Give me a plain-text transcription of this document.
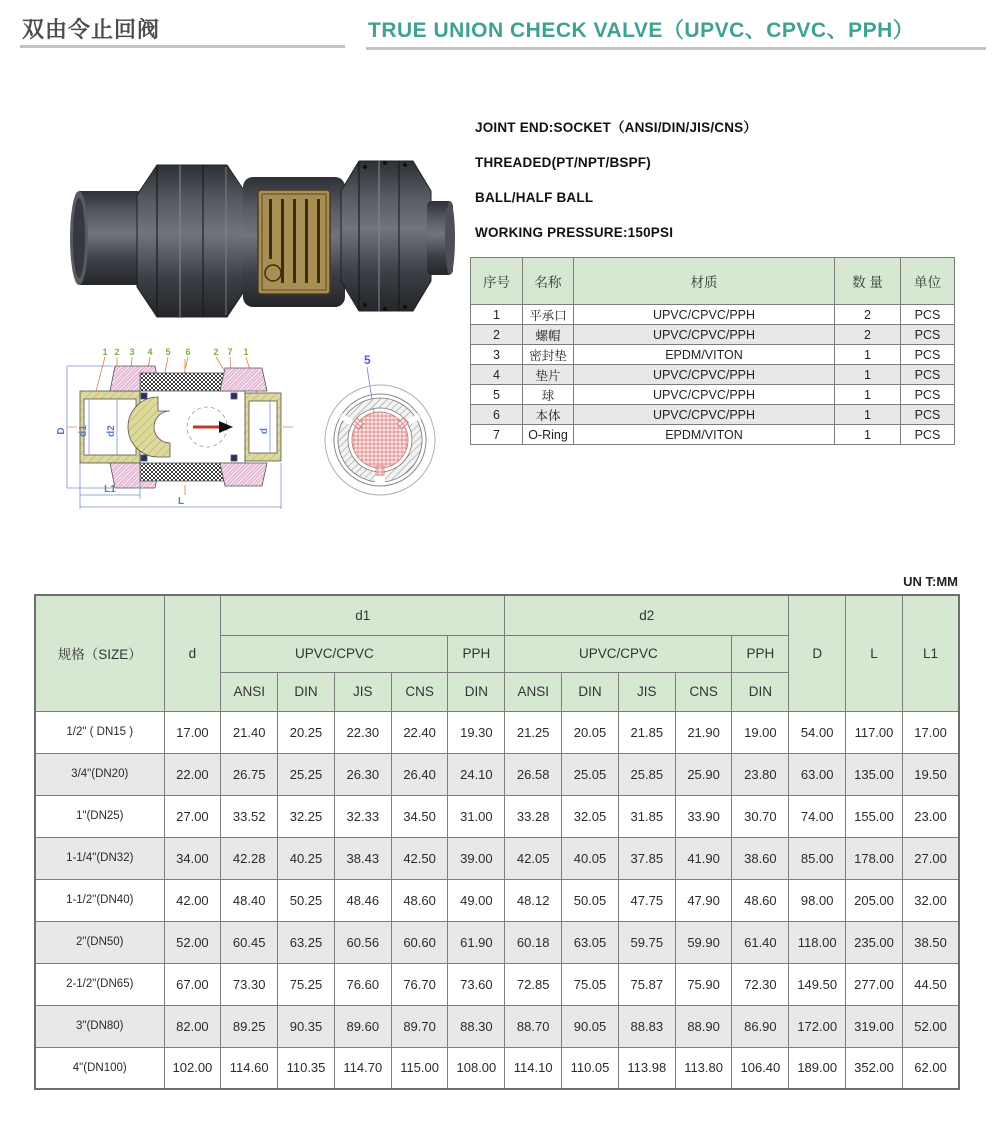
双由令止回阀	TRUE UNION CHECK VALVE（UPVC、CPVC、PPH）
JOINT END:SOCKET（ANSI/DIN/JIS/CNS）
THREADED(PT/NPT/BSPF)
BALL/HALF BALL
WORKING PRESSURE:150PSI
序号	名称	材质	数 量	单位
1	平承口	UPVC/CPVC/PPH	2	PCS
2	螺帽	UPVC/CPVC/PPH	2	PCS
3	密封垫	EPDM/VITON	1	PCS
4	垫片	UPVC/CPVC/PPH	1	PCS
5	球	UPVC/CPVC/PPH	1	PCS
6	本体	UPVC/CPVC/PPH	1	PCS
7	O-Ring	EPDM/VITON	1	PCS
1 2 3 4 5 6	2 7 1
D d1 d2	d
L1
L
5
UN T:MM
规格（SIZE）	d	d1					d2					D	L	L1
		UPVC/CPVC				PPH	UPVC/CPVC				PPH			
		ANSI	DIN	JIS	CNS	DIN	ANSI	DIN	JIS	CNS	DIN			
1/2" ( DN15 )	17.00	21.40	20.25	22.30	22.40	19.30	21.25	20.05	21.85	21.90	19.00	54.00	117.00	17.00
3/4"(DN20)	22.00	26.75	25.25	26.30	26.40	24.10	26.58	25.05	25.85	25.90	23.80	63.00	135.00	19.50
1"(DN25)	27.00	33.52	32.25	32.33	34.50	31.00	33.28	32.05	31.85	33.90	30.70	74.00	155.00	23.00
1-1/4"(DN32)	34.00	42.28	40.25	38.43	42.50	39.00	42.05	40.05	37.85	41.90	38.60	85.00	178.00	27.00
1-1/2"(DN40)	42.00	48.40	50.25	48.46	48.60	49.00	48.12	50.05	47.75	47.90	48.60	98.00	205.00	32.00
2"(DN50)	52.00	60.45	63.25	60.56	60.60	61.90	60.18	63.05	59.75	59.90	61.40	118.00	235.00	38.50
2-1/2"(DN65)	67.00	73.30	75.25	76.60	76.70	73.60	72.85	75.05	75.87	75.90	72.30	149.50	277.00	44.50
3"(DN80)	82.00	89.25	90.35	89.60	89.70	88.30	88.70	90.05	88.83	88.90	86.90	172.00	319.00	52.00
4"(DN100)	102.00	114.60	110.35	114.70	115.00	108.00	114.10	110.05	113.98	113.80	106.40	189.00	352.00	62.00
